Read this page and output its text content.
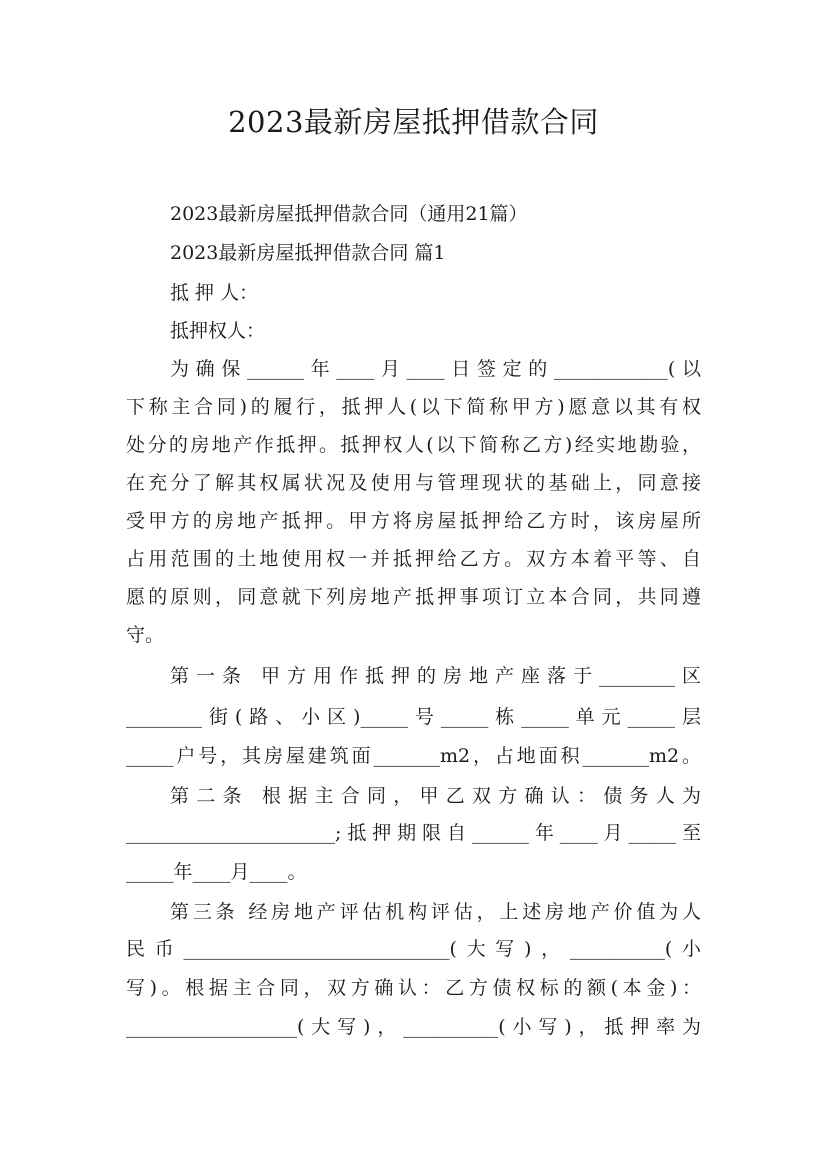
2023最新房屋抵押借款合同
2023最新房屋抵押借款合同（通用21篇）
2023最新房屋抵押借款合同 篇1
抵 押 人：
抵押权人：
为确保______年____月____日签定的____________(以
下称主合同)的履行，抵押人(以下简称甲方)愿意以其有权
处分的房地产作抵押。抵押权人(以下简称乙方)经实地勘验，
在充分了解其权属状况及使用与管理现状的基础上，同意接
受甲方的房地产抵押。甲方将房屋抵押给乙方时，该房屋所
占用范围的土地使用权一并抵押给乙方。双方本着平等、自
愿的原则，同意就下列房地产抵押事项订立本合同，共同遵
守。
第一条 甲方用作抵押的房地产座落于________区
________街(路、小区)_____号_____栋_____单元_____层
_____户号，其房屋建筑面_______m2，占地面积_______m2。
第二条 根据主合同，甲乙双方确认：债务人为
______________________;抵押期限自______年____月_____至
_____年____月____。
第三条 经房地产评估机构评估，上述房地产价值为人
民币____________________________(大写)，__________(小
写)。根据主合同，双方确认：乙方债权标的额(本金)：
__________________(大写)，__________(小写)，抵押率为
